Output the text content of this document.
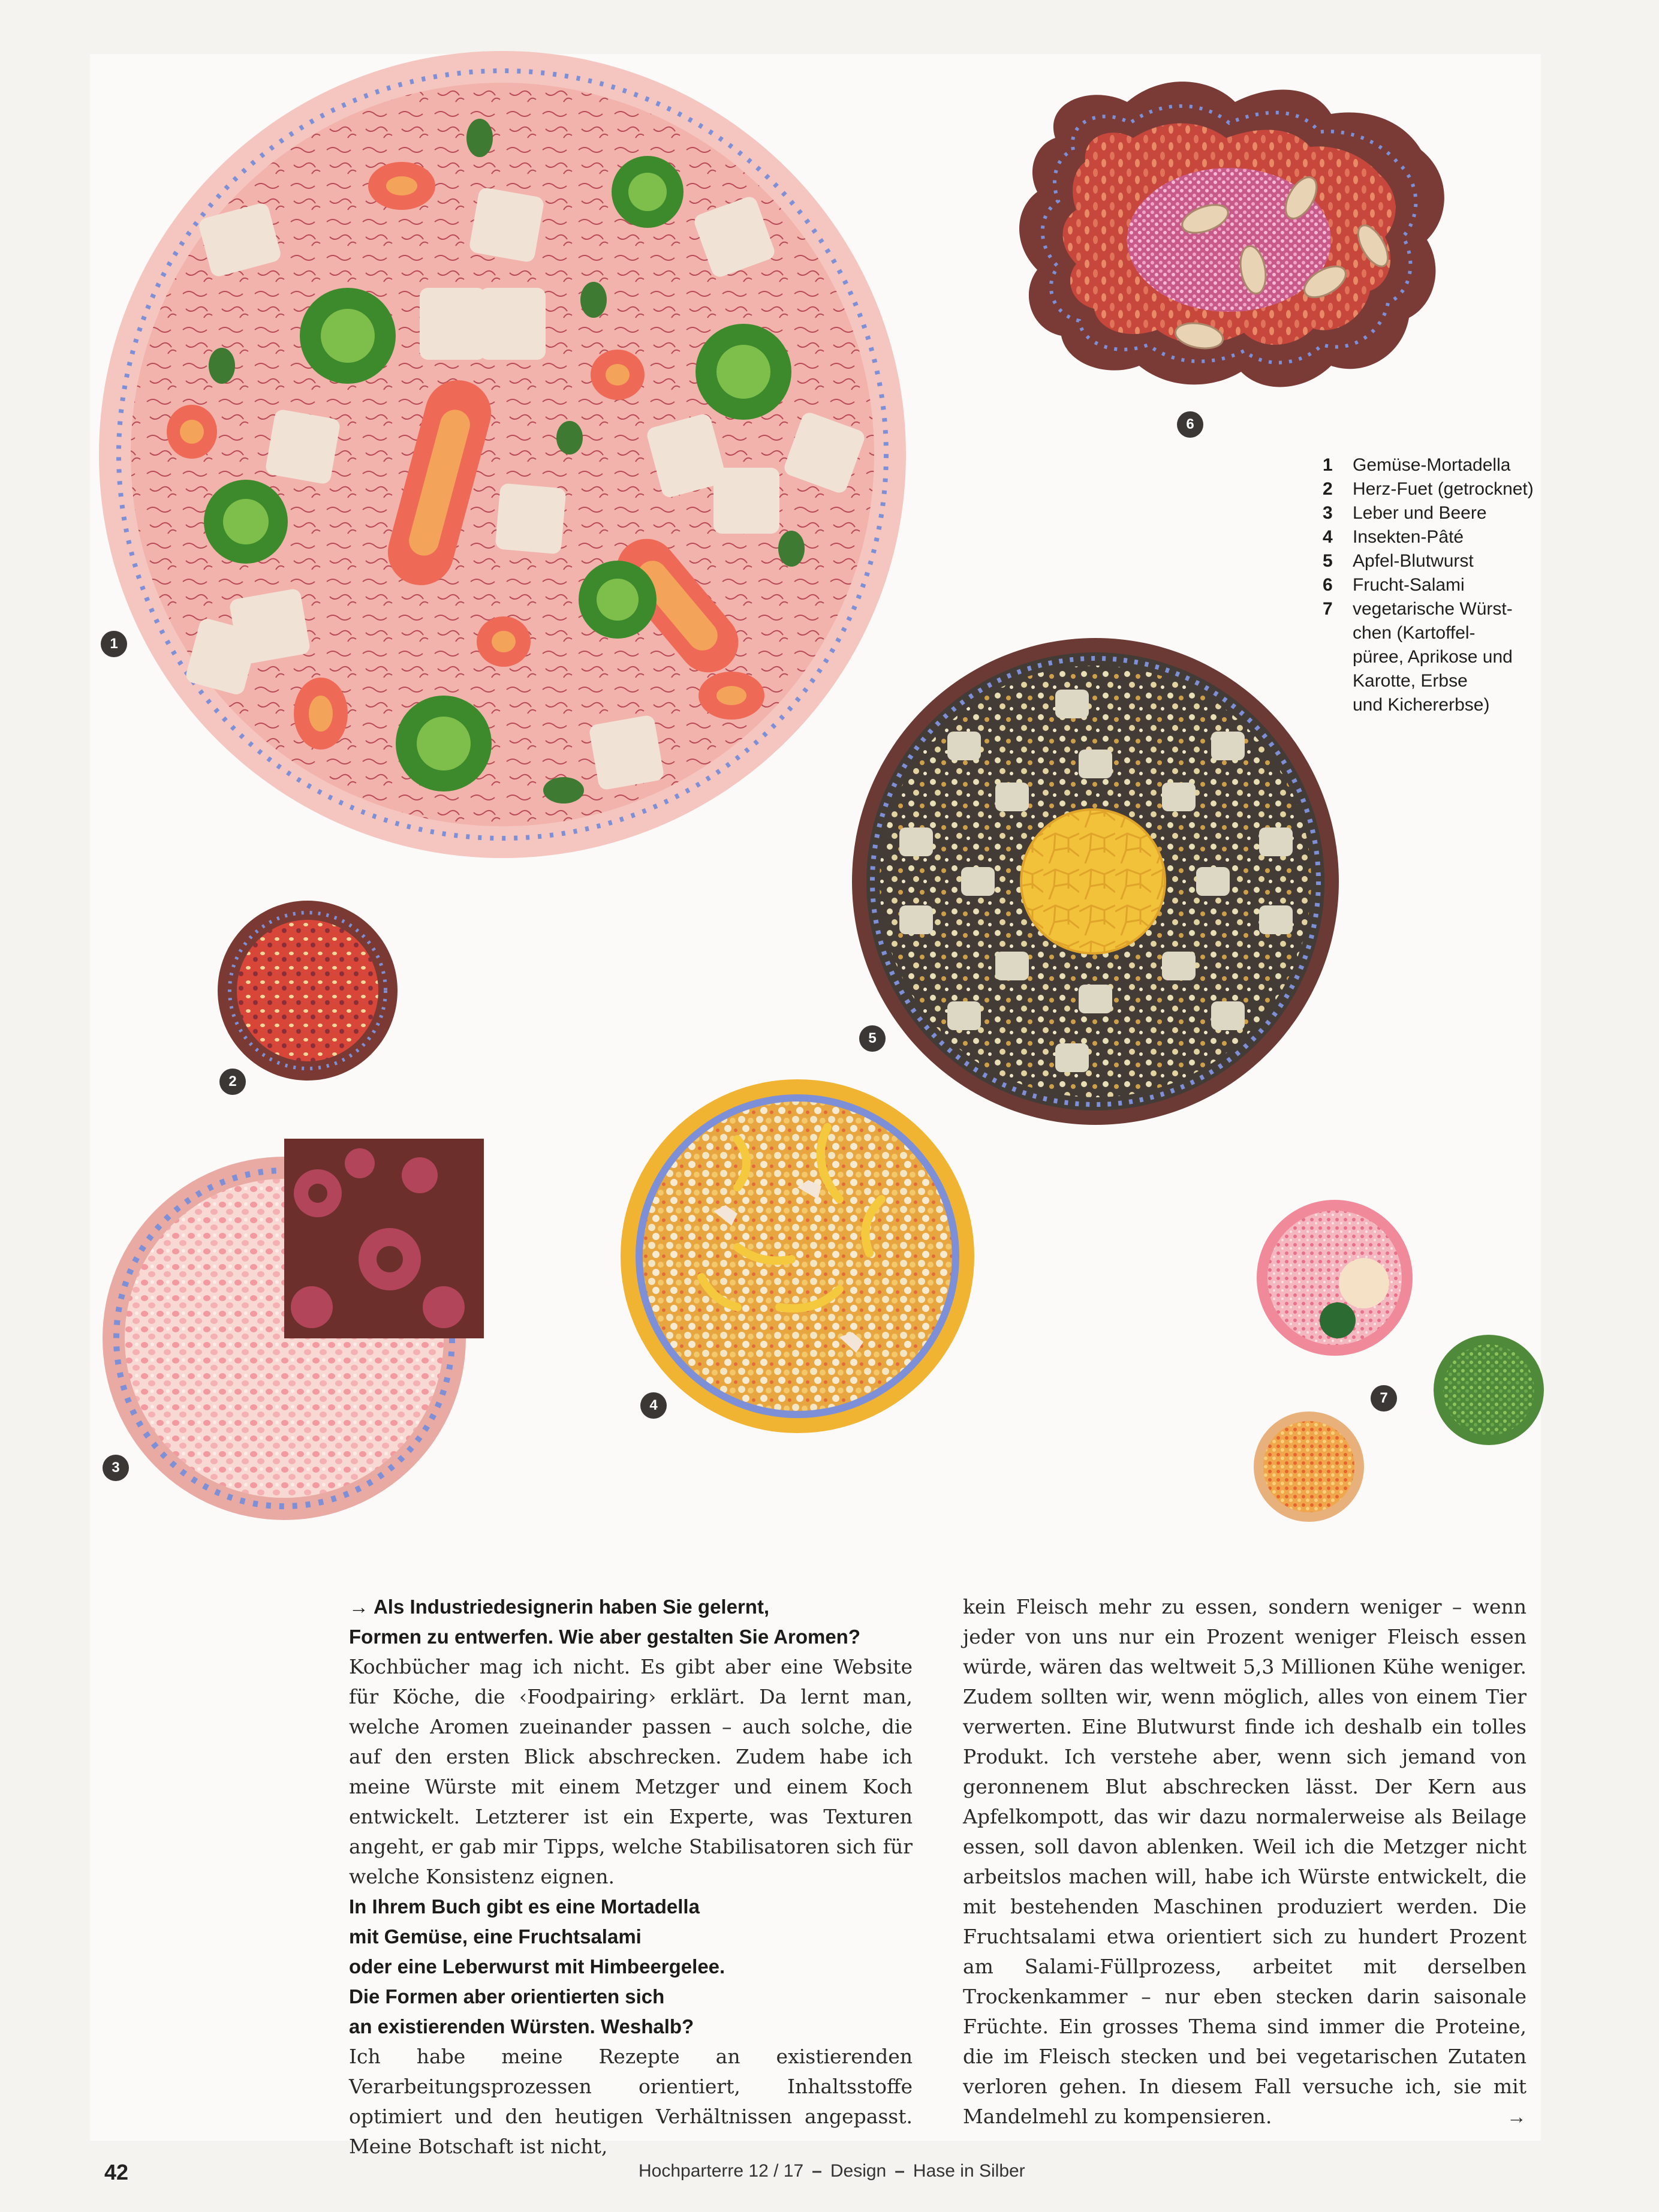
1
2
3
4
5
6
7
1	Gemüse-Mortadella
2	Herz-Fuet (getrocknet)
3	Leber und Beere
4	Insekten-Pâté
5	Apfel-Blutwurst
6	Frucht-Salami
7	vegetarische Würst-
chen (Kartoffel-
püree, Aprikose und
Karotte, Erbse
und Kichererbse)
→ Als Industriedesignerin haben Sie gelernt,
Formen zu entwerfen. Wie aber gestalten Sie Aromen?

Kochbücher mag ich nicht. Es gibt aber eine Website für Köche, die ‹Foodpairing› erklärt. Da lernt man, welche Aromen zueinander passen – auch solche, die auf den ersten Blick abschrecken. Zudem habe ich meine Würste mit einem Metzger und einem Koch entwickelt. Letzterer ist ein Experte, was Texturen angeht, er gab mir Tipps, welche Stabilisatoren sich für welche Konsistenz eignen.

In Ihrem Buch gibt es eine Mortadella
mit Gemüse, eine Fruchtsalami
oder eine Leberwurst mit Himbeergelee.
Die Formen aber orientierten sich
an existierenden Würsten. Weshalb?

Ich habe meine Rezepte an existierenden Verarbeitungsprozessen orientiert, Inhaltsstoffe optimiert und den heutigen Verhältnissen angepasst. Meine Botschaft ist nicht,

kein Fleisch mehr zu essen, sondern weniger – wenn jeder von uns nur ein Prozent weniger Fleisch essen würde, wären das weltweit 5,3 Millionen Kühe weniger. Zudem sollten wir, wenn möglich, alles von einem Tier verwerten. Eine Blutwurst finde ich deshalb ein tolles Produkt. Ich verstehe aber, wenn sich jemand von geronnenem Blut abschrecken lässt. Der Kern aus Apfelkompott, das wir dazu normalerweise als Beilage essen, soll davon ablenken. Weil ich die Metzger nicht arbeitslos machen will, habe ich Würste entwickelt, die mit bestehenden Maschinen produziert werden. Die Fruchtsalami etwa orientiert sich zu hundert Prozent am Salami-Füllprozess, arbeitet mit derselben Trockenkammer – nur eben stecken darin saisonale Früchte. Ein grosses Thema sind immer die Proteine, die im Fleisch stecken und bei vegetarischen Zutaten verloren gehen. In diesem Fall versuche ich, sie mit Mandelmehl zu kompensieren.	→
42	Hochparterre 12 / 17 – Design – Hase in Silber
